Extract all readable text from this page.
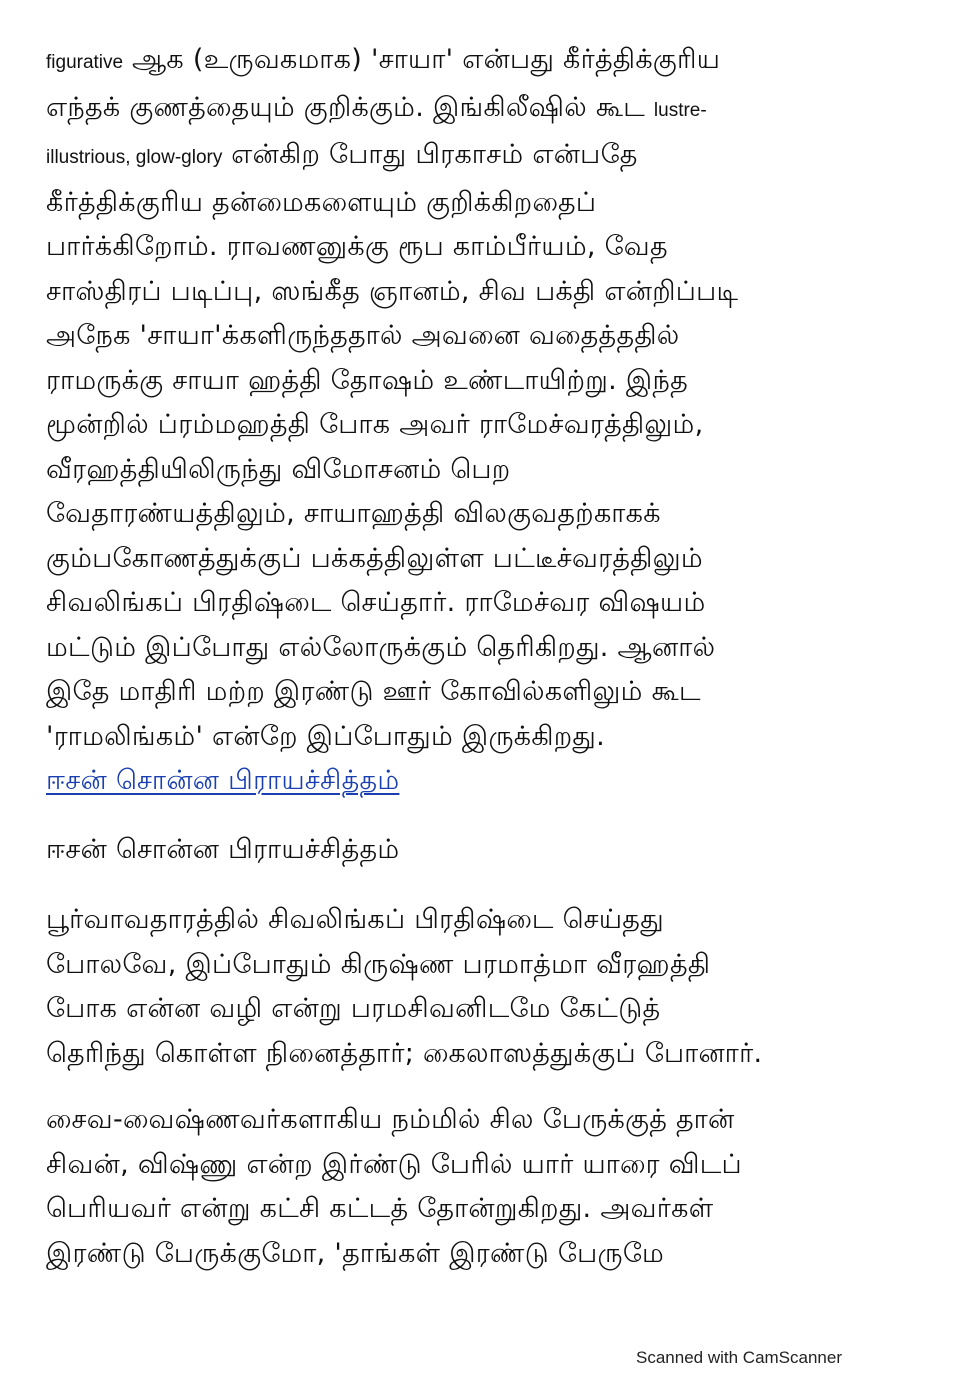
figurative ஆக (உருவகமாக) 'சாயா' என்பது கீர்த்திக்குரிய
எந்தக் குணத்தையும் குறிக்கும். இங்கிலீஷில் கூட lustre-
illustrious, glow-glory என்கிற போது பிரகாசம் என்பதே
கீர்த்திக்குரிய தன்மைகளையும் குறிக்கிறதைப்
பார்க்கிறோம். ராவணனுக்கு ரூப காம்பீர்யம், வேத
சாஸ்திரப் படிப்பு, ஸங்கீத ஞானம், சிவ பக்தி என்றிப்படி
அநேக 'சாயா'க்களிருந்ததால் அவனை வதைத்ததில்
ராமருக்கு சாயா ஹத்தி தோஷம் உண்டாயிற்று. இந்த
மூன்றில் ப்ரம்மஹத்தி போக அவர் ராமேச்வரத்திலும்,
வீரஹத்தியிலிருந்து விமோசனம் பெற
வேதாரண்யத்திலும், சாயாஹத்தி விலகுவதற்காகக்
கும்பகோணத்துக்குப் பக்கத்திலுள்ள பட்டீச்வரத்திலும்
சிவலிங்கப் பிரதிஷ்டை செய்தார். ராமேச்வர விஷயம்
மட்டும் இப்போது எல்லோருக்கும் தெரிகிறது. ஆனால்
இதே மாதிரி மற்ற இரண்டு ஊர் கோவில்களிலும் கூட
'ராமலிங்கம்' என்றே இப்போதும் இருக்கிறது.
ஈசன் சொன்ன பிராயச்சித்தம்
ஈசன் சொன்ன பிராயச்சித்தம்
பூர்வாவதாரத்தில் சிவலிங்கப் பிரதிஷ்டை செய்தது
போலவே, இப்போதும் கிருஷ்ண பரமாத்மா வீரஹத்தி
போக என்ன வழி என்று பரமசிவனிடமே கேட்டுத்
தெரிந்து கொள்ள நினைத்தார்; கைலாஸத்துக்குப் போனார்.
சைவ-வைஷ்ணவர்களாகிய நம்மில் சில பேருக்குத் தான்
சிவன், விஷ்ணு என்ற இர்ண்டு பேரில் யார் யாரை விடப்
பெரியவர் என்று கட்சி கட்டத் தோன்றுகிறது. அவர்கள்
இரண்டு பேருக்குமோ, 'தாங்கள் இரண்டு பேருமே
Scanned with CamScanner
